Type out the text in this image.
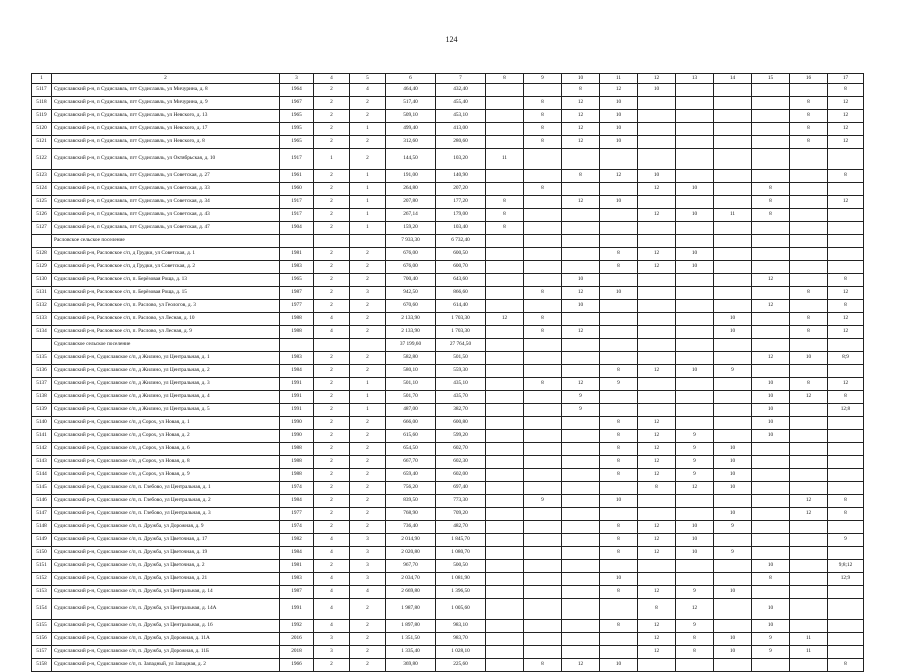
124
1	2	3	4	5	6	7	8	9	10	11	12	13	14	15	16	17
5117	Судиславский р-н, п Судиславль, пгт Судиславль, ул Мичурина, д. 8	1964	2	4	464,40	432,40			8	12	10					8
5118	Судиславский р-н, п Судиславль, пгт Судиславль, ул Мичурина, д. 9	1967	2	2	517,40	455,40		8	12	10					8	12
5119	Судиславский р-н, п Судиславль, пгт Судиславль, ул Невского, д. 13	1965	2	2	509,10	453,10		8	12	10					8	12
5120	Судиславский р-н, п Судиславль, пгт Судиславль, ул Невского, д. 17	1995	2	1	499,40	413,00		8	12	10					8	12
5121	Судиславский р-н, п Судиславль, пгт Судиславль, ул Невского, д. 8	1965	2	2	312,60	280,60		8	12	10					8	12
5122	Судиславский р-н, п Судиславль, пгт Судиславль, ул Октябрьская, д. 10	1917	1	2	144,50	103,20	11									
5123	Судиславский р-н, п Судиславль, пгт Судиславль, ул Советская, д. 27	1961	2	1	191,00	140,90			8	12	10					8
5124	Судиславский р-н, п Судиславль, пгт Судиславль, ул Советская, д. 33	1960	2	1	264,80	207,20		8			12	10		8		
5125	Судиславский р-н, п Судиславль, пгт Судиславль, ул Советская, д. 34	1917	2	1	207,80	177,20	8		12	10				8		12
5126	Судиславский р-н, п Судиславль, пгт Судиславль, ул Советская, д. 43	1917	2	1	267,14	179,00	8				12	10	11	8		
5127	Судиславский р-н, п Судиславль, пгт Судиславль, ул Советская, д. 47	1904	2	1	159,20	103,40	8									
	Расловское сельское поселение				7 933,30	6 732,40										
5128	Судиславский р-н, Расловское с/п, д Грудки, ул Советская, д. 1	1981	2	2	676,00	600,50				8	12	10				
5129	Судиславский р-н, Расловское с/п, д Грудки, ул Советская, д. 2	1983	2	2	676,00	600,70				8	12	10				
5130	Судиславский р-н, Расловское с/п, п. Берёзовая Роща, д. 13	1965	2	2	700,40	643,60			10					12		8
5131	Судиславский р-н, Расловское с/п, п. Берёзовая Роща, д. 15	1987	2	3	942,50	866,60		8	12	10					8	12
5132	Судиславский р-н, Расловское с/п, п. Раслово, ул Геологов, д. 3	1977	2	2	670,60	614,40			10					12		8
5133	Судиславский р-н, Расловское с/п, п. Раслово, ул Лесная, д. 10	1988	4	2	2 133,90	1 703,30	12	8					10		8	12
5134	Судиславский р-н, Расловское с/п, п. Раслово, ул Лесная, д. 9	1988	4	2	2 133,90	1 703,30		8	12				10		8	12
	Судиславское сельское поселение				37 199,60	27 764,50										
5135	Судиславский р-н, Судиславское с/п, д Жилино, ул Центральная, д. 1	1983	2	2	582,80	501,50								12	10	8;9
5136	Судиславский р-н, Судиславское с/п, д Жилино, ул Центральная, д. 2	1984	2	2	580,10	559,30				8	12	10	9			
5137	Судиславский р-н, Судиславское с/п, д Жилино, ул Центральная, д. 3	1991	2	1	501,10	435,10		8	12	9				10	8	12
5138	Судиславский р-н, Судиславское с/п, д Жилино, ул Центральная, д. 4	1991	2	1	501,70	435,70			9					10	12	8
5139	Судиславский р-н, Судиславское с/п, д Жилино, ул Центральная, д. 5	1991	2	1	487,00	382,70			9					10		12;8
5140	Судиславский р-н, Судиславское с/п, д Сорох, ул Новая, д. 1	1990	2	2	666,00	600,80				8	12			10		
5141	Судиславский р-н, Судиславское с/п, д Сорох, ул Новая, д. 2	1990	2	2	615,60	599,20				8	12	9		10		
5142	Судиславский р-н, Судиславское с/п, д Сорох, ул Новая, д. 6	1988	2	2	654,50	602,70				8	12	9	10			
5143	Судиславский р-н, Судиславское с/п, д Сорох, ул Новая, д. 8	1988	2	2	667,70	602,30				8	12	9	10			
5144	Судиславский р-н, Судиславское с/п, д Сорох, ул Новая, д. 9	1988	2	2	659,40	602,00				8	12	9	10			
5145	Судиславский р-н, Судиславское с/п, п. Глебово, ул Центральная, д. 1	1974	2	2	756,20	697,40					8	12	10			
5146	Судиславский р-н, Судиславское с/п, п. Глебово, ул Центральная, д. 2	1984	2	2	839,50	773,30		9		10					12	8
5147	Судиславский р-н, Судиславское с/п, п. Глебово, ул Центральная, д. 3	1977	2	2	768,90	709,20							10		12	8
5148	Судиславский р-н, Судиславское с/п, п. Дружба, ул Дорожная, д. 9	1974	2	2	736,40	482,70				8	12	10	9			
5149	Судиславский р-н, Судиславское с/п, п. Дружба, ул Цветочная, д. 17	1982	4	3	2 014,90	1 845,70				8	12	10				9
5150	Судиславский р-н, Судиславское с/п, п. Дружба, ул Цветочная, д. 19	1984	4	3	2 020,80	1 080,70				8	12	10	9			
5151	Судиславский р-н, Судиславское с/п, п. Дружба, ул Цветочная, д. 2	1981	2	3	967,70	500,50								10		9;8;12
5152	Судиславский р-н, Судиславское с/п, п. Дружба, ул Цветочная, д. 21	1983	4	3	2 034,70	1 081,90				10				8		12;9
5153	Судиславский р-н, Судиславское с/п, п. Дружба, ул Центральная, д. 14	1987	4	4	2 669,80	1 396,50				8	12	9	10			
5154	Судиславский р-н, Судиславское с/п, п. Дружба, ул Центральная, д. 14А	1991	4	2	1 987,80	1 005,60					8	12		10		
5155	Судиславский р-н, Судиславское с/п, п. Дружба, ул Центральная, д. 16	1992	4	2	1 897,80	983,10				8	12	9		10		
5156	Судиславский р-н, Судиславское с/п, п. Дружба, ул Дорожная, д. 11А	2016	3	2	1 351,50	983,70					12	8	10	9	11	
5157	Судиславский р-н, Судиславское с/п, п. Дружба, ул Дорожная, д. 11Б	2018	3	2	1 335,40	1 028,10					12	8	10	9	11	
5158	Судиславский р-н, Судиславское с/п, п. Западный, ул Западная, д. 2	1966	2	2	369,80	225,60		8	12	10						8
